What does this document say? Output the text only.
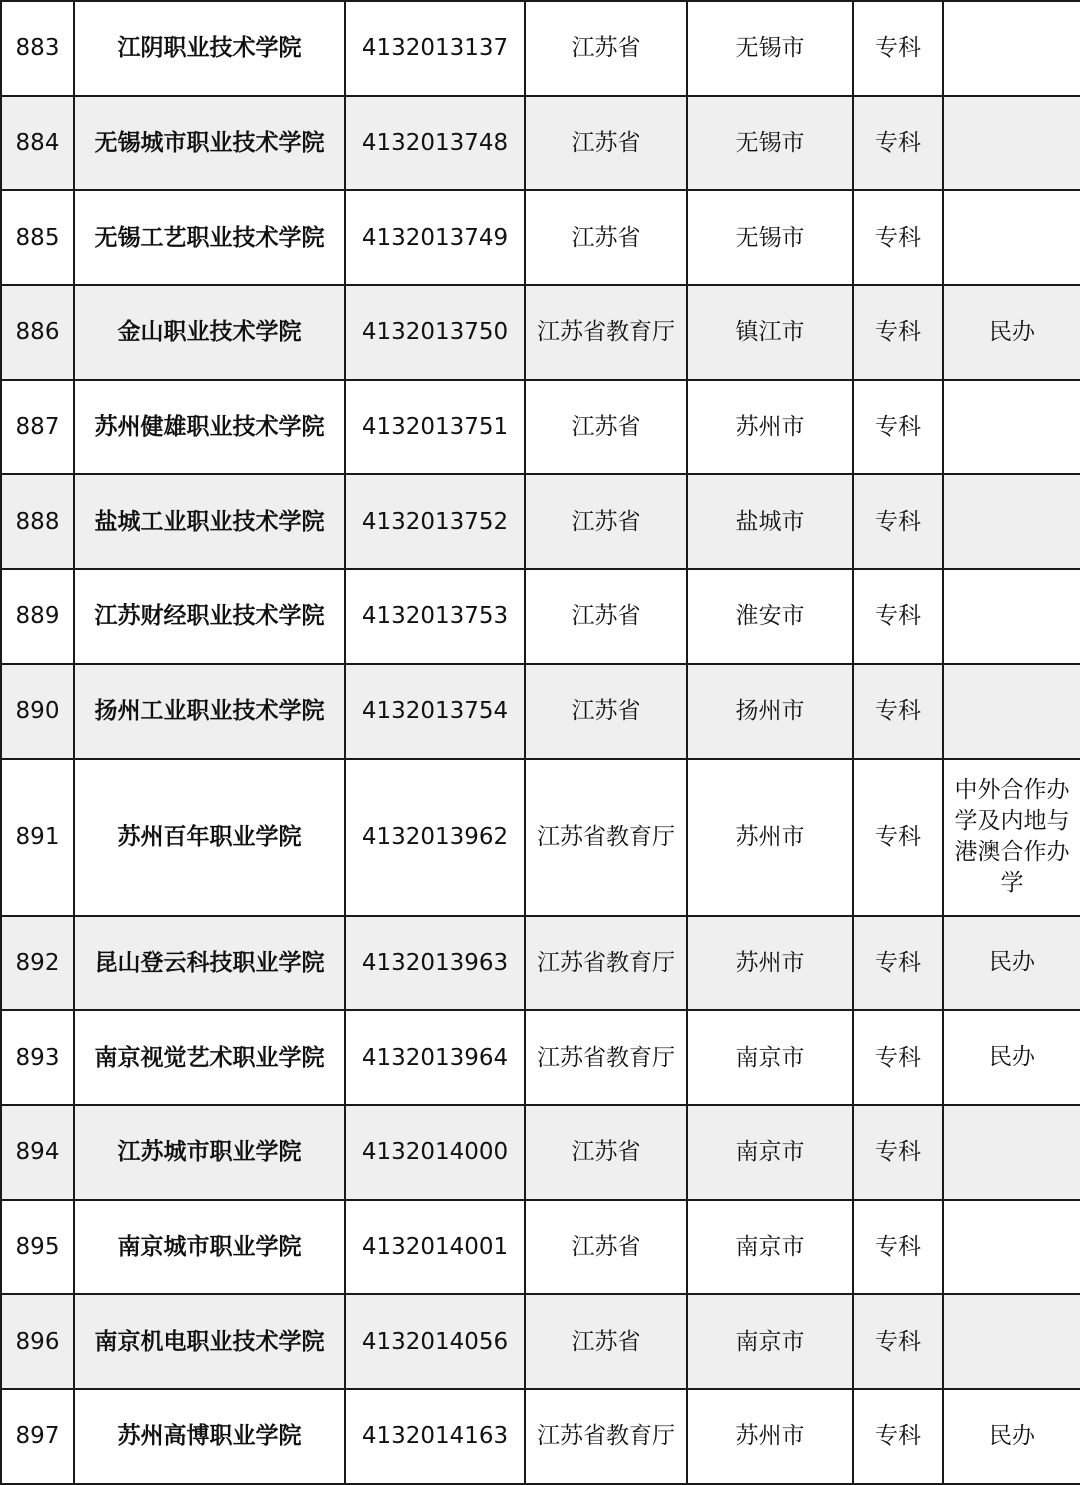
883	江阴职业技术学院	4132013137	江苏省	无锡市	专科	
884	无锡城市职业技术学院	4132013748	江苏省	无锡市	专科	
885	无锡工艺职业技术学院	4132013749	江苏省	无锡市	专科	
886	金山职业技术学院	4132013750	江苏省教育厅	镇江市	专科	民办
887	苏州健雄职业技术学院	4132013751	江苏省	苏州市	专科	
888	盐城工业职业技术学院	4132013752	江苏省	盐城市	专科	
889	江苏财经职业技术学院	4132013753	江苏省	淮安市	专科	
890	扬州工业职业技术学院	4132013754	江苏省	扬州市	专科	
891	苏州百年职业学院	4132013962	江苏省教育厅	苏州市	专科	中外合作办学及内地与港澳合作办学
892	昆山登云科技职业学院	4132013963	江苏省教育厅	苏州市	专科	民办
893	南京视觉艺术职业学院	4132013964	江苏省教育厅	南京市	专科	民办
894	江苏城市职业学院	4132014000	江苏省	南京市	专科	
895	南京城市职业学院	4132014001	江苏省	南京市	专科	
896	南京机电职业技术学院	4132014056	江苏省	南京市	专科	
897	苏州高博职业学院	4132014163	江苏省教育厅	苏州市	专科	民办
